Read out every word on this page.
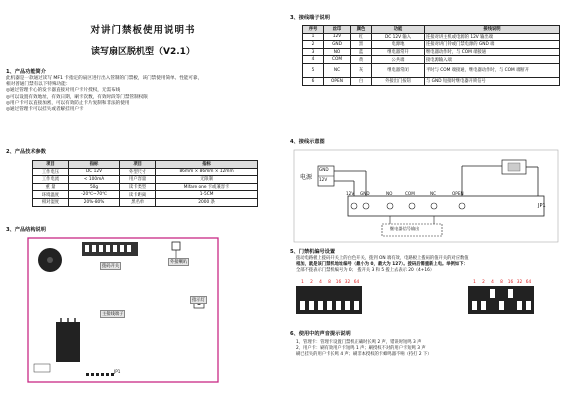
对讲门禁板使用说明书
读写扇区脱机型（V2.1）
1、产品功能简介
此机器是一款通过读写 MF1 卡指定的扇区进行出入管制的门禁板，该门禁使用简单、性能可靠，
相对普通门禁有以下特殊功能：
◎通过管理卡心的发卡器直接对用户卡片授权，无需布线
◎可以设置有效地址，有效日期，刷卡次数，有效时段等门禁管制权限
◎用户卡可以直接加密，可以有效防止卡片复制和非法的使用
◎通过管理卡可以挂失或者解挂用户卡
2、产品技术参数
项目	指标	项目	指标
工作电压	DC 12V	外型尺寸	86mm × 86mm × 12mm
工作电流	< 100mA	用户容量	无限制
重 量	50g	读卡类型	Mifare one 卡或兼容卡
环境温度	-20℃~70℃	读卡距离	1-5CM
相对湿度	20%-80%	黑名单	2000 条
3、产品结构说明
拨码开关
外接喇叭
指示灯
主接线端子
JP1
3、接线端子说明
序号	丝印	颜色	功能	接线说明
1	12V	红	DC 12V 输入	连接对讲主机或电源的 12V 输出端
2	GND	黑	电源地	连接对讲门铃或门禁电源的 GND 端
3	NO	蓝	继电器常开	继电器动作时，与 COM 端接通
4	COM	黄	公共端	接电源输入端
5	NC	灰	继电器常闭	平时与 COM 端接通，继电器动作时，与 COM 端断开
6	OPEN	白	外接出门按钮	与 GND 短接时继电器开锁信号
4、接线示意图
电源
GND
12V
12V GND	NO	COM	NC	OPEN
JP1
继电器信号输出
5、门禁机编号设置
拨动电路板上拨码开关上的白色开关，拨到 ON 端有效，电路板上拨码的值开关的对应数值
相加，就是该门禁机地址编号（最小为 0，最大为 127）。拨码后需重新上电。举例如下：
全部不拨表示门禁机编号为 0； 拨开关 3 和 5 拨上去表示 20（4+16）
1 2 4 8 16 32 64	1 2 4 8 16 32 64
6、使用中的声音提示说明
1、管理卡：管理卡设置门禁机正确时长鸣 2 声，错误时短鸣 3 声
2、用户卡：刷有效用户卡短鸣 1 声；刷授权不对的用户卡短鸣 3 声
刷已挂失的用户卡长鸣 4 声；刷非本授权的卡蜂鸣器不响（持打 2 下）
